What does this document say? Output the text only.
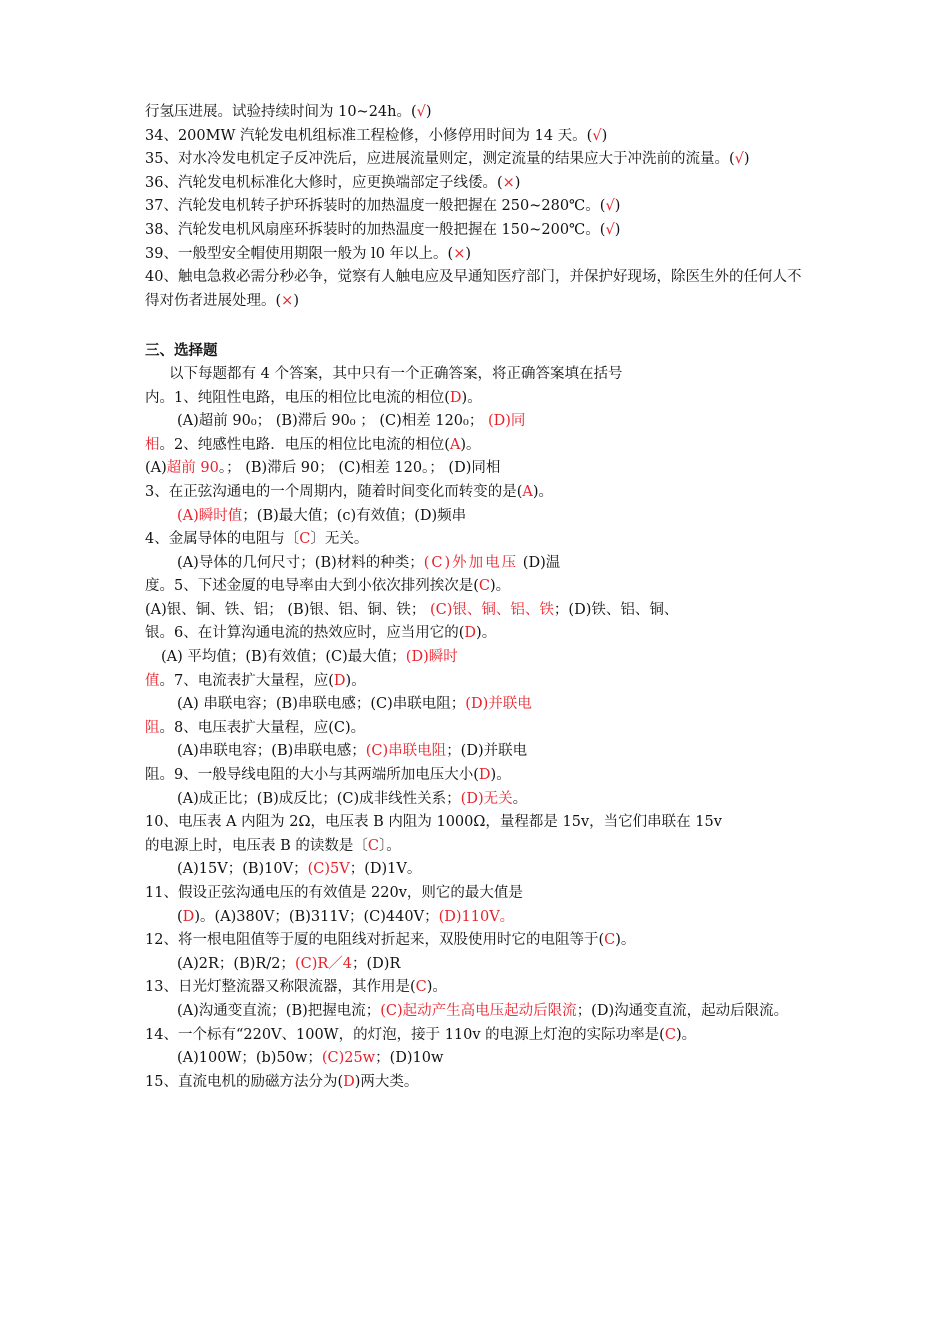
行氢压进展。试验持续时间为 10~24h。(√)
34、200MW 汽轮发电机组标准工程检修，小修停用时间为 14 天。(√)
35、对水冷发电机定子反冲洗后，应进展流量则定，测定流量的结果应大于冲洗前的流量。(√)
36、汽轮发电机标准化大修时，应更换端部定子线倭。(×)
37、汽轮发电机转子护环拆装时的加热温度一般把握在 250~280℃。(√)
38、汽轮发电机风扇座环拆装时的加热温度一般把握在 150~200℃。(√)
39、一般型安全帽使用期限一般为 l0 年以上。(×)
40、触电急救必需分秒必争，觉察有人触电应及早通知医疗部门，并保护好现场，除医生外的任何人不得对伤者进展处理。(×)
三、选择题
以下每题都有 4 个答案，其中只有一个正确答案，将正确答案填在括号
内。1、纯阻性电路，电压的相位比电流的相位(D)。
(A)超前 90₀； (B)滞后 90₀ ； (C)相差 120₀； (D)同
相。2、纯感性电路．电压的相位比电流的相位(A)。
(A)超前 90。； (B)滞后 90； (C)相差 120。； (D)同相
3、在正弦沟通电的一个周期内，随着时间变化而转变的是(A)。
(A)瞬时值；(B)最大值；(c)有效值；(D)频串
4、金属导体的电阻与〔C〕无关。
(A)导体的几何尺寸；(B)材料的种类；(C)外加电压 (D)温
度。5、下述金厦的电导率由大到小依次排列挨次是(C)。
(A)银、铜、铁、铝； (B)银、铝、铜、铁； (C)银、铜、铝、铁；(D)铁、铝、铜、
银。6、在计算沟通电流的热效应时，应当用它的(D)。
(A) 平均值；(B)有效值；(C)最大值；(D)瞬时
值。7、电流表扩大量程，应(D)。
(A) 串联电容；(B)串联电感；(C)串联电阻；(D)并联电
阻。8、电压表扩大量程，应(C)。
(A)串联电容；(B)串联电感；(C)串联电阻；(D)并联电
阻。9、一般导线电阻的大小与其两端所加电压大小(D)。
(A)成正比；(B)成反比；(C)成非线性关系；(D)无关。
10、电压表 A 内阻为 2Ω，电压表 B 内阻为 1000Ω，量程都是 15v，当它们串联在 15v
的电源上时，电压表 B 的读数是〔C〕。
(A)15V；(B)10V；(C)5V；(D)1V。
11、假设正弦沟通电压的有效值是 220v，则它的最大值是
(D)。(A)380V；(B)311V；(C)440V；(D)110V。
12、将一根电阻值等于厦的电阻线对折起来，双股使用时它的电阻等于(C)。
(A)2R；(B)R/2；(C)R／4；(D)R
13、日光灯整流器又称限流器，其作用是(C)。
(A)沟通变直流；(B)把握电流；(C)起动产生高电压起动后限流；(D)沟通变直流，起动后限流。
14、一个标有“220V、100W，的灯泡，接于 110v 的电源上灯泡的实际功率是(C)。
(A)100W；(b)50w；(C)25w；(D)10w
15、直流电机的励磁方法分为(D)两大类。
